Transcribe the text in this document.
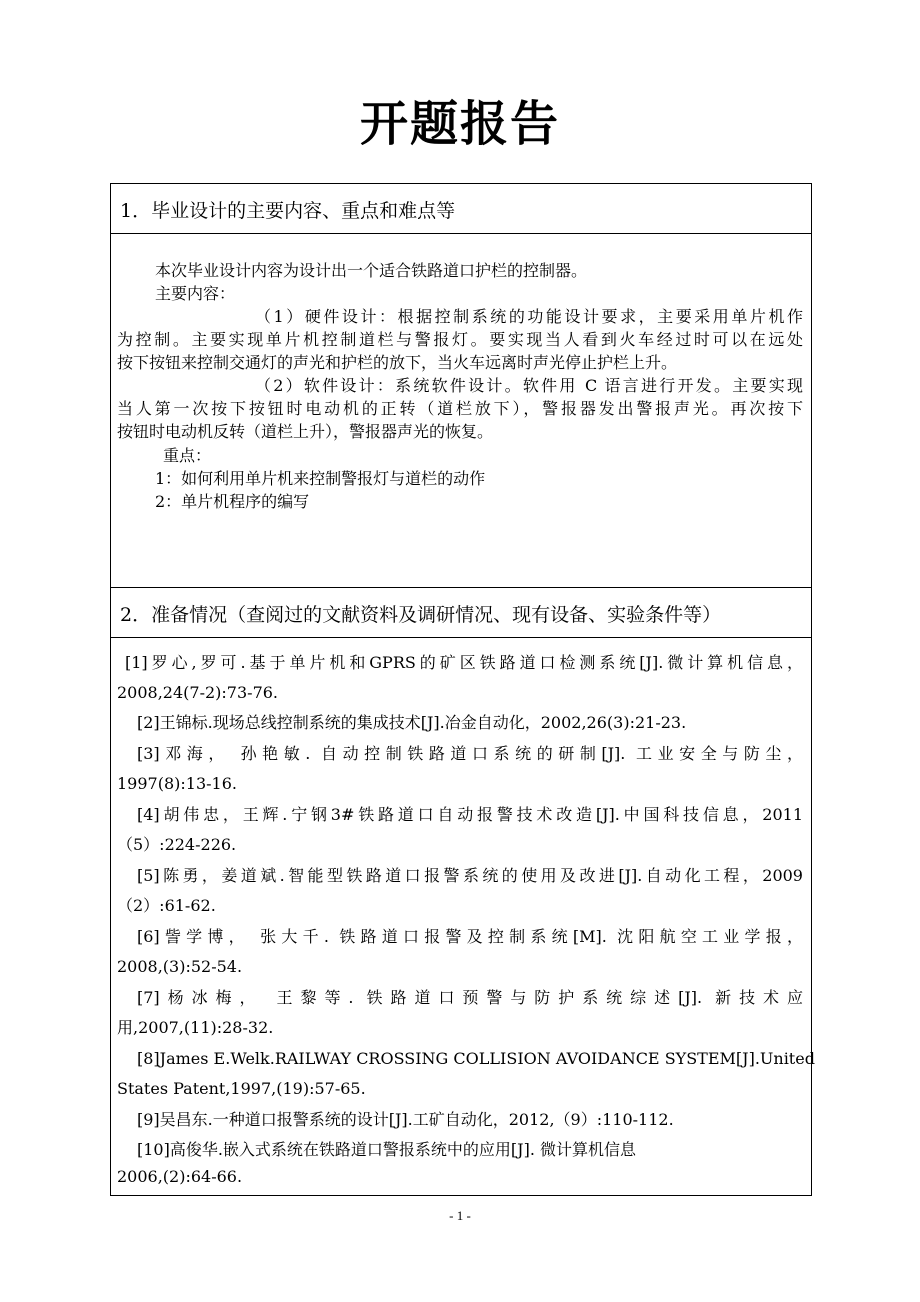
开题报告
1．毕业设计的主要内容、重点和难点等
本次毕业设计内容为设计出一个适合铁路道口护栏的控制器。
主要内容：
（1）硬件设计：根据控制系统的功能设计要求，主要采用单片机作
为控制。主要实现单片机控制道栏与警报灯。要实现当人看到火车经过时可以在远处
按下按钮来控制交通灯的声光和护栏的放下，当火车远离时声光停止护栏上升。
（2）软件设计：系统软件设计。软件用 C 语言进行开发。主要实现
当人第一次按下按钮时电动机的正转（道栏放下），警报器发出警报声光。再次按下
按钮时电动机反转（道栏上升），警报器声光的恢复。
重点：
1：如何利用单片机来控制警报灯与道栏的动作
2：单片机程序的编写
2．准备情况（查阅过的文献资料及调研情况、现有设备、实验条件等）
[1]罗心,罗可.基于单片机和GPRS的矿区铁路道口检测系统[J].微计算机信息，
2008,24(7-2):73-76.
[2]王锦标.现场总线控制系统的集成技术[J].冶金自动化，2002,26(3):21-23.
[3]邓海， 孙艳敏. 自动控制铁路道口系统的研制[J]. 工业安全与防尘，
1997(8):13-16.
[4]胡伟忠，王辉.宁钢3#铁路道口自动报警技术改造[J].中国科技信息，2011
（5）:224-226.
[5]陈勇，姜道斌.智能型铁路道口报警系统的使用及改进[J].自动化工程，2009
（2）:61-62.
[6]訾学博， 张大千. 铁路道口报警及控制系统[M]. 沈阳航空工业学报，
2008,(3):52-54.
[7]杨冰梅， 王黎等. 铁路道口预警与防护系统综述[J]. 新技术应
用,2007,(11):28-32.
[8]James E.Welk.RAILWAY CROSSING COLLISION AVOIDANCE SYSTEM[J].United
States Patent,1997,(19):57-65.
[9]吴昌东.一种道口报警系统的设计[J].工矿自动化，2012,（9）:110-112.
[10]高俊华.嵌入式系统在铁路道口警报系统中的应用[J]. 微计算机信息
2006,(2):64-66.
- 1 -
